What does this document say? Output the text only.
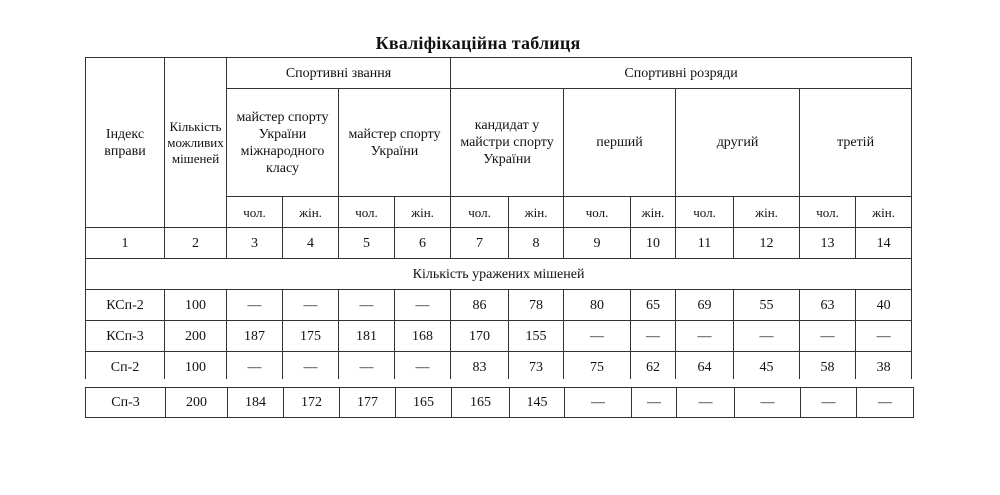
Кваліфікаційна таблиця
Індекс вправи	Кількість можливих мішеней	Спортивні звання				Спортивні розряди							
		майстер спорту України міжнародного класу		майстер спорту України		кандидат у майстри спорту України		перший		другий		третій	
		чол.	жін.	чол.	жін.	чол.	жін.	чол.	жін.	чол.	жін.	чол.	жін.
1	2	3	4	5	6	7	8	9	10	11	12	13	14
Кількість уражених мішеней													
КСп-2	100	—	—	—	—	86	78	80	65	69	55	63	40
КСп-3	200	187	175	181	168	170	155	—	—	—	—	—	—
Сп-2	100	—	—	—	—	83	73	75	62	64	45	58	38
Сп-3	200	184	172	177	165	165	145	—	—	—	—	—	—
